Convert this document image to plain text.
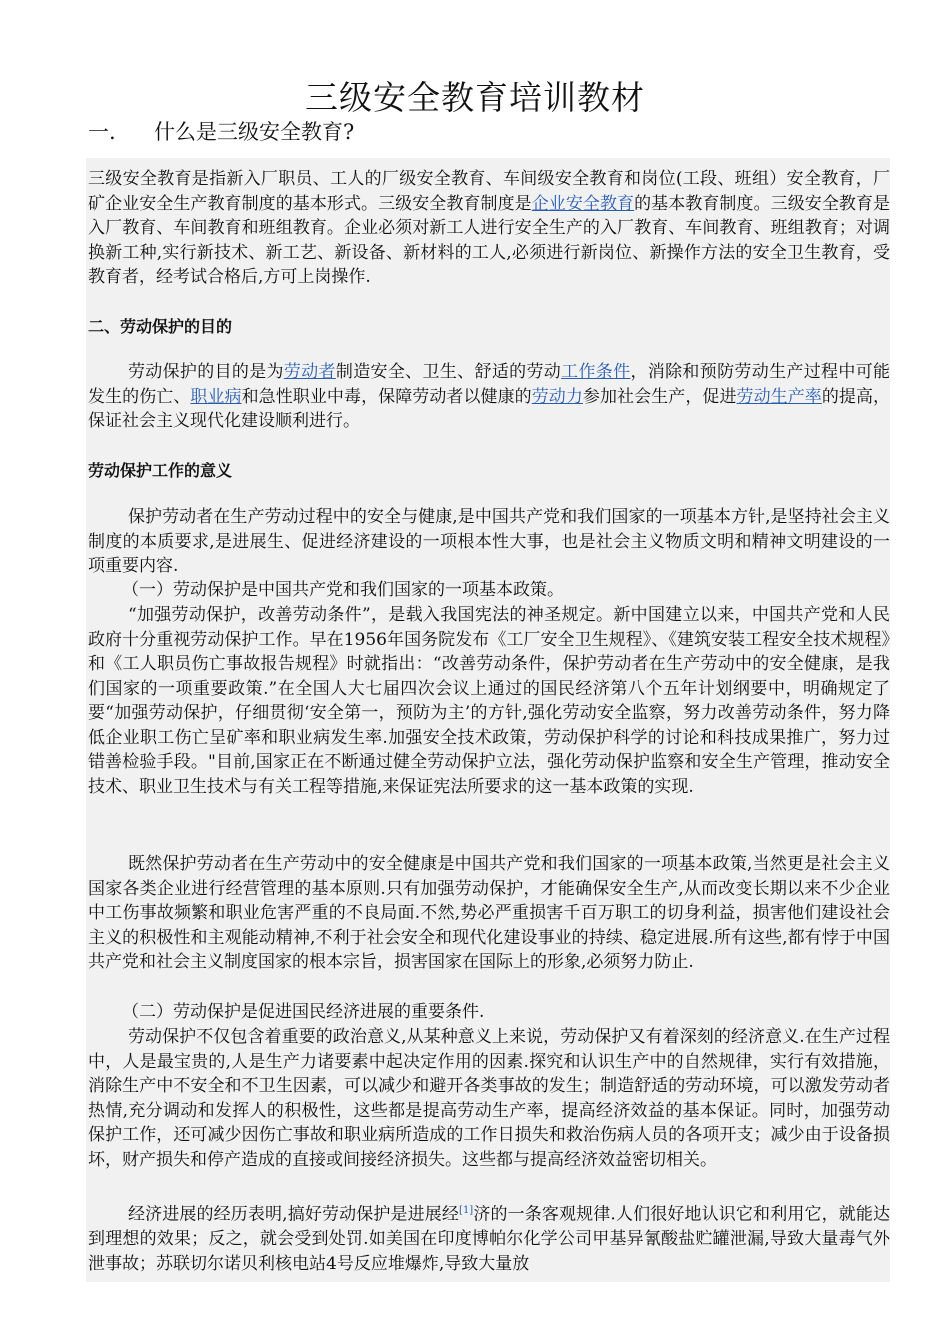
三级安全教育培训教材
一. 什么是三级安全教育?
三级安全教育是指新入厂职员、工人的厂级安全教育、车间级安全教育和岗位(工段、班组）安全教育，厂矿企业安全生产教育制度的基本形式。三级安全教育制度是企业安全教育的基本教育制度。三级安全教育是入厂教育、车间教育和班组教育。企业必须对新工人进行安全生产的入厂教育、车间教育、班组教育；对调换新工种,实行新技术、新工艺、新设备、新材料的工人,必须进行新岗位、新操作方法的安全卫生教育，受教育者，经考试合格后,方可上岗操作.
二、劳动保护的目的
劳动保护的目的是为劳动者制造安全、卫生、舒适的劳动工作条件，消除和预防劳动生产过程中可能发生的伤亡、职业病和急性职业中毒，保障劳动者以健康的劳动力参加社会生产，促进劳动生产率的提高，保证社会主义现代化建设顺利进行。
劳动保护工作的意义
保护劳动者在生产劳动过程中的安全与健康,是中国共产党和我们国家的一项基本方针,是坚持社会主义制度的本质要求,是进展生、促进经济建设的一项根本性大事，也是社会主义物质文明和精神文明建设的一项重要内容.
（一）劳动保护是中国共产党和我们国家的一项基本政策。
“加强劳动保护，改善劳动条件”，是载入我国宪法的神圣规定。新中国建立以来，中国共产党和人民政府十分重视劳动保护工作。早在1956年国务院发布《工厂安全卫生规程》、《建筑安装工程安全技术规程》和《工人职员伤亡事故报告规程》时就指出：“改善劳动条件，保护劳动者在生产劳动中的安全健康，是我们国家的一项重要政策.”在全国人大七届四次会议上通过的国民经济第八个五年计划纲要中，明确规定了要“加强劳动保护，仔细贯彻‘安全第一，预防为主’的方针,强化劳动安全监察，努力改善劳动条件，努力降低企业职工伤亡呈矿率和职业病发生率.加强安全技术政策，劳动保护科学的讨论和科技成果推广，努力过错善检验手段。"目前,国家正在不断通过健全劳动保护立法，强化劳动保护监察和安全生产管理，推动安全技术、职业卫生技术与有关工程等措施,来保证宪法所要求的这一基本政策的实现.
既然保护劳动者在生产劳动中的安全健康是中国共产党和我们国家的一项基本政策,当然更是社会主义国家各类企业进行经营管理的基本原则.只有加强劳动保护，才能确保安全生产,从而改变长期以来不少企业中工伤事故频繁和职业危害严重的不良局面.不然,势必严重损害千百万职工的切身利益，损害他们建设社会主义的积极性和主观能动精神,不利于社会安全和现代化建设事业的持续、稳定进展.所有这些,都有悖于中国共产党和社会主义制度国家的根本宗旨，损害国家在国际上的形象,必须努力防止.
（二）劳动保护是促进国民经济进展的重要条件.
劳动保护不仅包含着重要的政治意义,从某种意义上来说，劳动保护又有着深刻的经济意义.在生产过程中，人是最宝贵的,人是生产力诸要素中起决定作用的因素.探究和认识生产中的自然规律，实行有效措施，消除生产中不安全和不卫生因素，可以减少和避开各类事故的发生；制造舒适的劳动环境，可以激发劳动者热情,充分调动和发挥人的积极性，这些都是提高劳动生产率，提高经济效益的基本保证。同时，加强劳动保护工作，还可减少因伤亡事故和职业病所造成的工作日损失和救治伤病人员的各项开支；减少由于设备损坏，财产损失和停产造成的直接或间接经济损失。这些都与提高经济效益密切相关。
经济进展的经历表明,搞好劳动保护是进展经[1]济的一条客观规律.人们很好地认识它和利用它，就能达到理想的效果；反之，就会受到处罚.如美国在印度博帕尔化学公司甲基异氰酸盐贮罐泄漏,导致大量毒气外泄事故；苏联切尔诺贝利核电站4号反应堆爆炸,导致大量放
